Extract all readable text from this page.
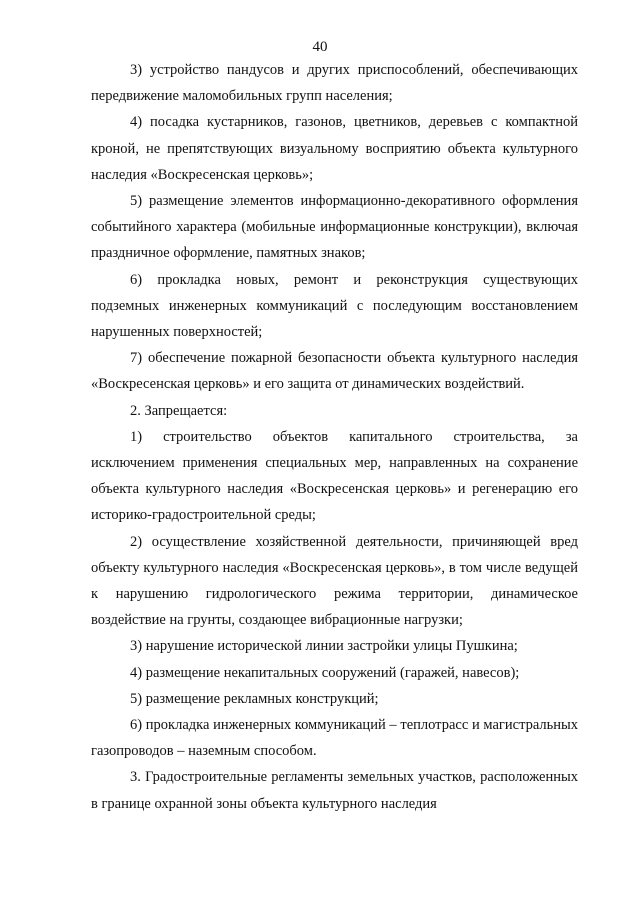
40

3) устройство пандусов и других приспособлений, обеспечивающих передвижение маломобильных групп населения;

4) посадка кустарников, газонов, цветников, деревьев с компактной кроной, не препятствующих визуальному восприятию объекта культурного наследия «Воскресенская церковь»;

5) размещение элементов информационно-декоративного оформления событийного характера (мобильные информационные конструкции), включая праздничное оформление, памятных знаков;

6) прокладка новых, ремонт и реконструкция существующих подземных инженерных коммуникаций с последующим восстановлением нарушенных поверхностей;

7) обеспечение пожарной безопасности объекта культурного наследия «Воскресенская церковь» и его защита от динамических воздействий.

2. Запрещается:

1) строительство объектов капитального строительства, за исключением применения специальных мер, направленных на сохранение объекта культурного наследия «Воскресенская церковь» и регенерацию его историко-градостроительной среды;

2) осуществление хозяйственной деятельности, причиняющей вред объекту культурного наследия «Воскресенская церковь», в том числе ведущей к нарушению гидрологического режима территории, динамическое воздействие на грунты, создающее вибрационные нагрузки;

3) нарушение исторической линии застройки улицы Пушкина;

4) размещение некапитальных сооружений (гаражей, навесов);

5) размещение рекламных конструкций;

6) прокладка инженерных коммуникаций – теплотрасс и магистральных газопроводов – наземным способом.

3. Градостроительные регламенты земельных участков, расположенных в границе охранной зоны объекта культурного наследия
